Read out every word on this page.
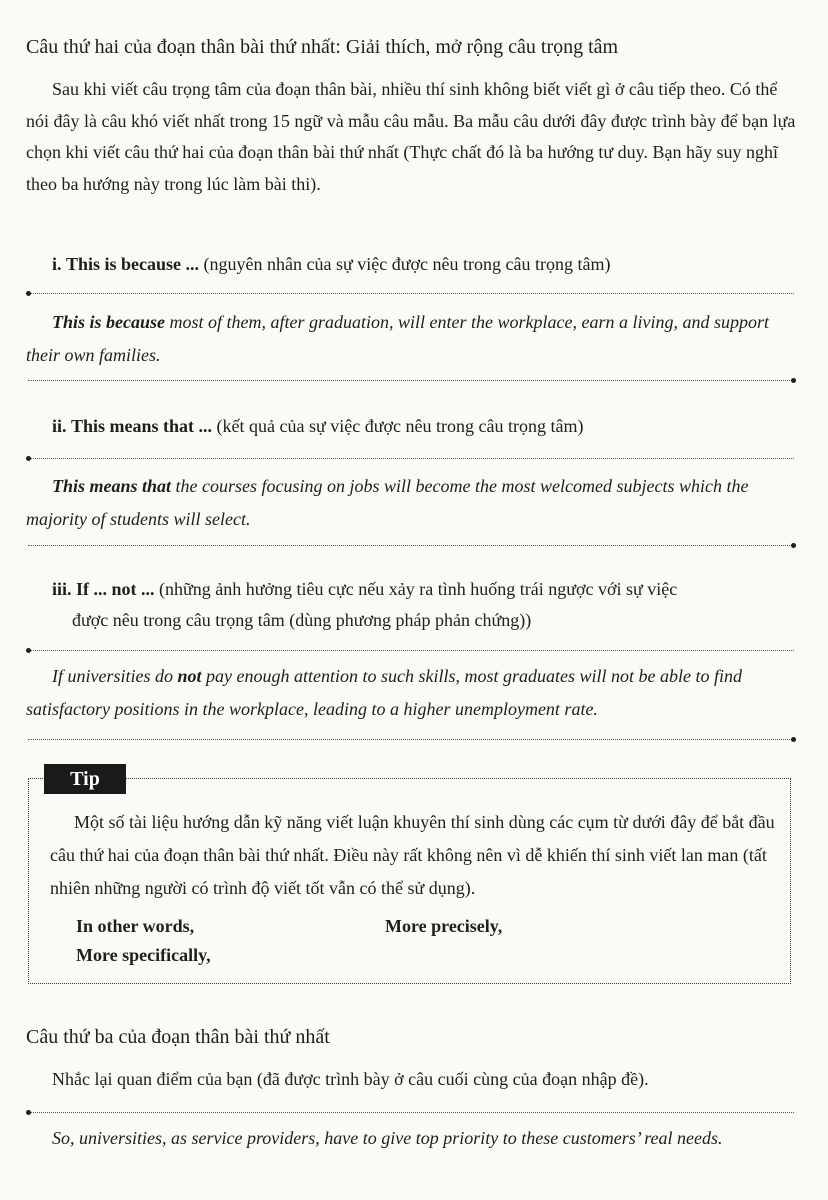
Câu thứ hai của đoạn thân bài thứ nhất: Giải thích, mở rộng câu trọng tâm
Sau khi viết câu trọng tâm của đoạn thân bài, nhiều thí sinh không biết viết gì ở câu tiếp theo. Có thể nói đây là câu khó viết nhất trong 15 ngữ và mẫu câu mẫu. Ba mẫu câu dưới đây được trình bày để bạn lựa chọn khi viết câu thứ hai của đoạn thân bài thứ nhất (Thực chất đó là ba hướng tư duy. Bạn hãy suy nghĩ theo ba hướng này trong lúc làm bài thi).
i. This is because ... (nguyên nhân của sự việc được nêu trong câu trọng tâm)
This is because most of them, after graduation, will enter the workplace, earn a living, and support their own families.
ii. This means that ... (kết quả của sự việc được nêu trong câu trọng tâm)
This means that the courses focusing on jobs will become the most welcomed subjects which the majority of students will select.
iii. If ... not ... (những ảnh hưởng tiêu cực nếu xảy ra tình huống trái ngược với sự việc
được nêu trong câu trọng tâm (dùng phương pháp phản chứng))
If universities do not pay enough attention to such skills, most graduates will not be able to find satisfactory positions in the workplace, leading to a higher unemployment rate.
Tip
Một số tài liệu hướng dẫn kỹ năng viết luận khuyên thí sinh dùng các cụm từ dưới đây để bắt đầu câu thứ hai của đoạn thân bài thứ nhất. Điều này rất không nên vì dễ khiến thí sinh viết lan man (tất nhiên những người có trình độ viết tốt vẫn có thể sử dụng).
In other words,	More precisely,
More specifically,
Câu thứ ba của đoạn thân bài thứ nhất
Nhắc lại quan điểm của bạn (đã được trình bày ở câu cuối cùng của đoạn nhập đề).
So, universities, as service providers, have to give top priority to these customers’ real needs.
